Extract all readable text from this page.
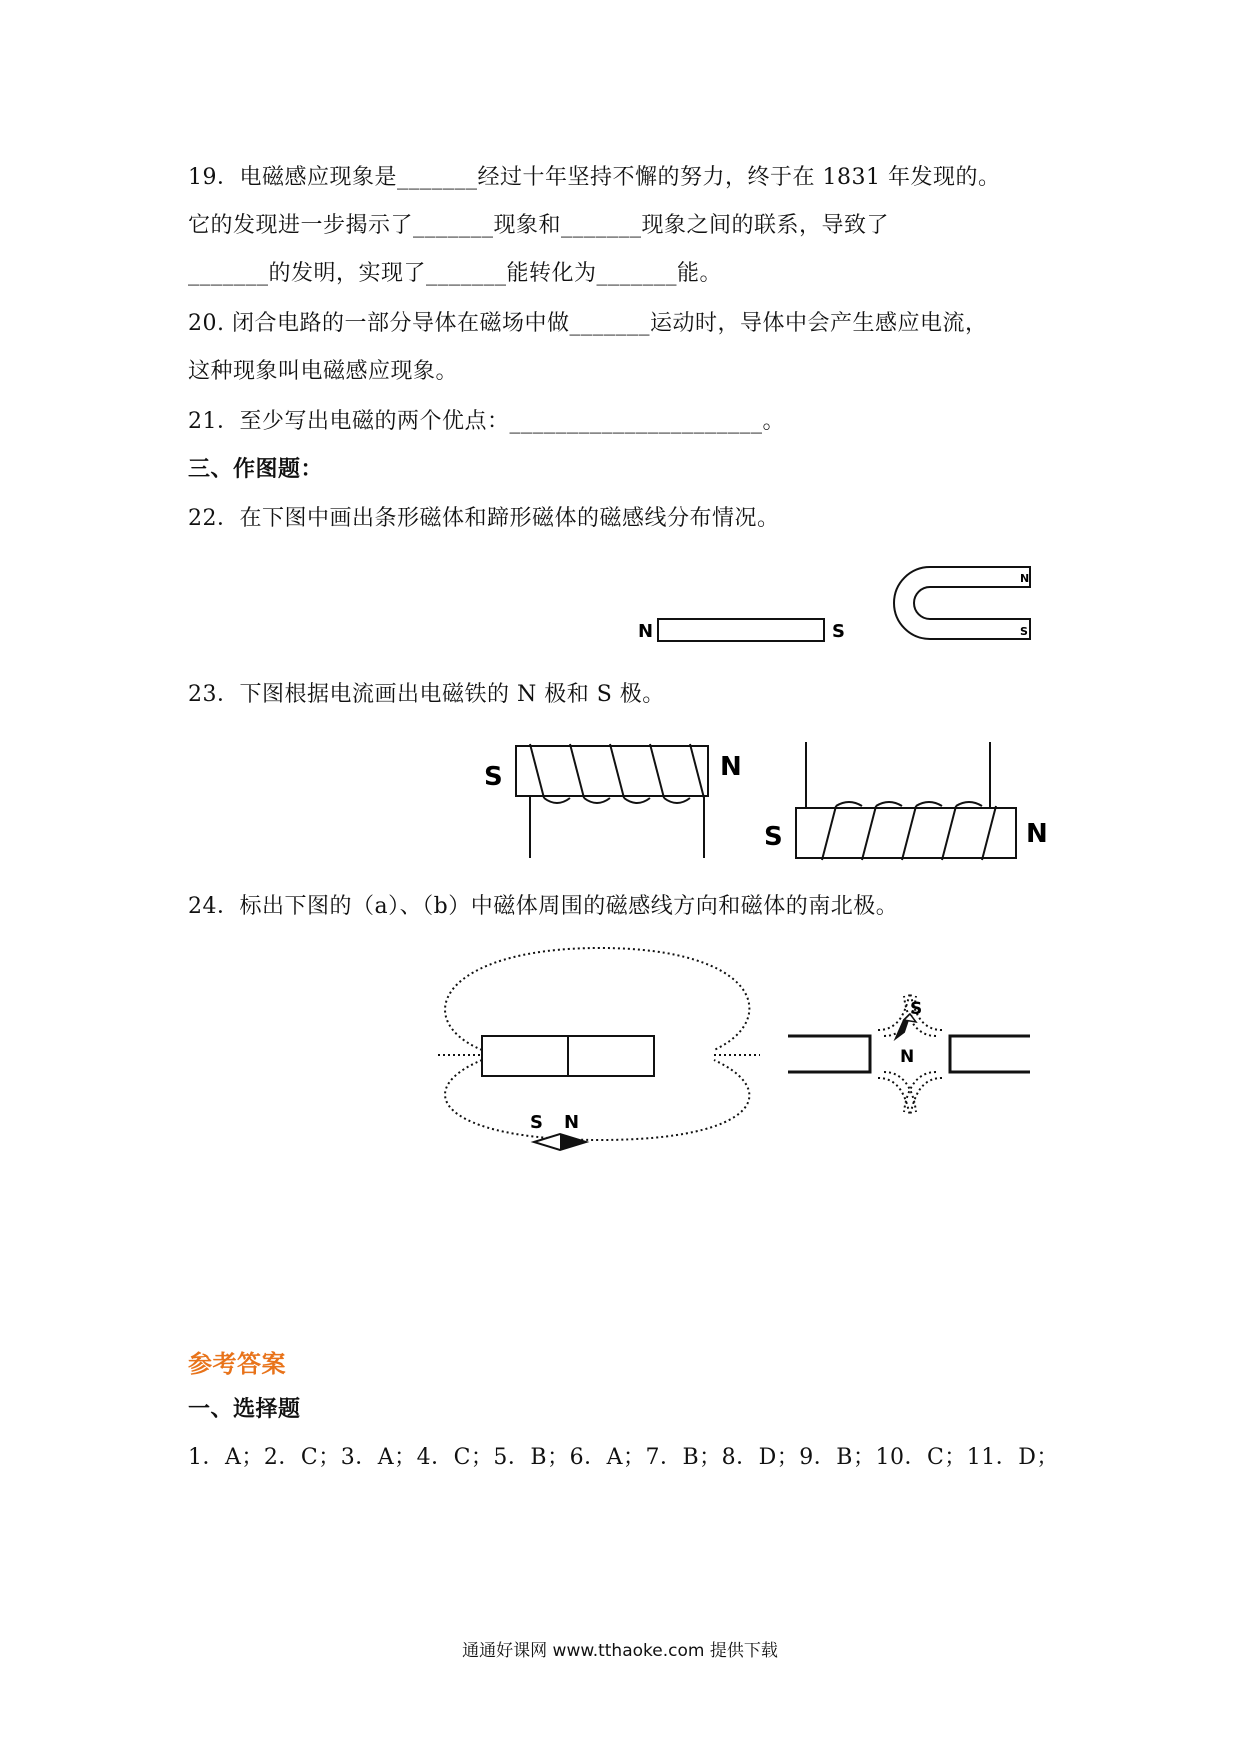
19．电磁感应现象是_______经过十年坚持不懈的努力，终于在 1831 年发现的。
它的发现进一步揭示了_______现象和_______现象之间的联系，导致了
_______的发明，实现了_______能转化为_______能。
20. 闭合电路的一部分导体在磁场中做_______运动时，导体中会产生感应电流，
这种现象叫电磁感应现象。
21．至少写出电磁的两个优点：______________________。
三、作图题：
22．在下图中画出条形磁体和蹄形磁体的磁感线分布情况。
N	S
N
S
23．下图根据电流画出电磁铁的 N 极和 S 极。
S	N
S	N
24．标出下图的（a）、（b）中磁体周围的磁感线方向和磁体的南北极。
S N
S
N
参考答案
一、选择题
1．A；2．C；3．A；4．C；5．B；6．A；7．B；8．D；9．B；10．C；11．D；
通通好课网 www.tthaoke.com 提供下载
